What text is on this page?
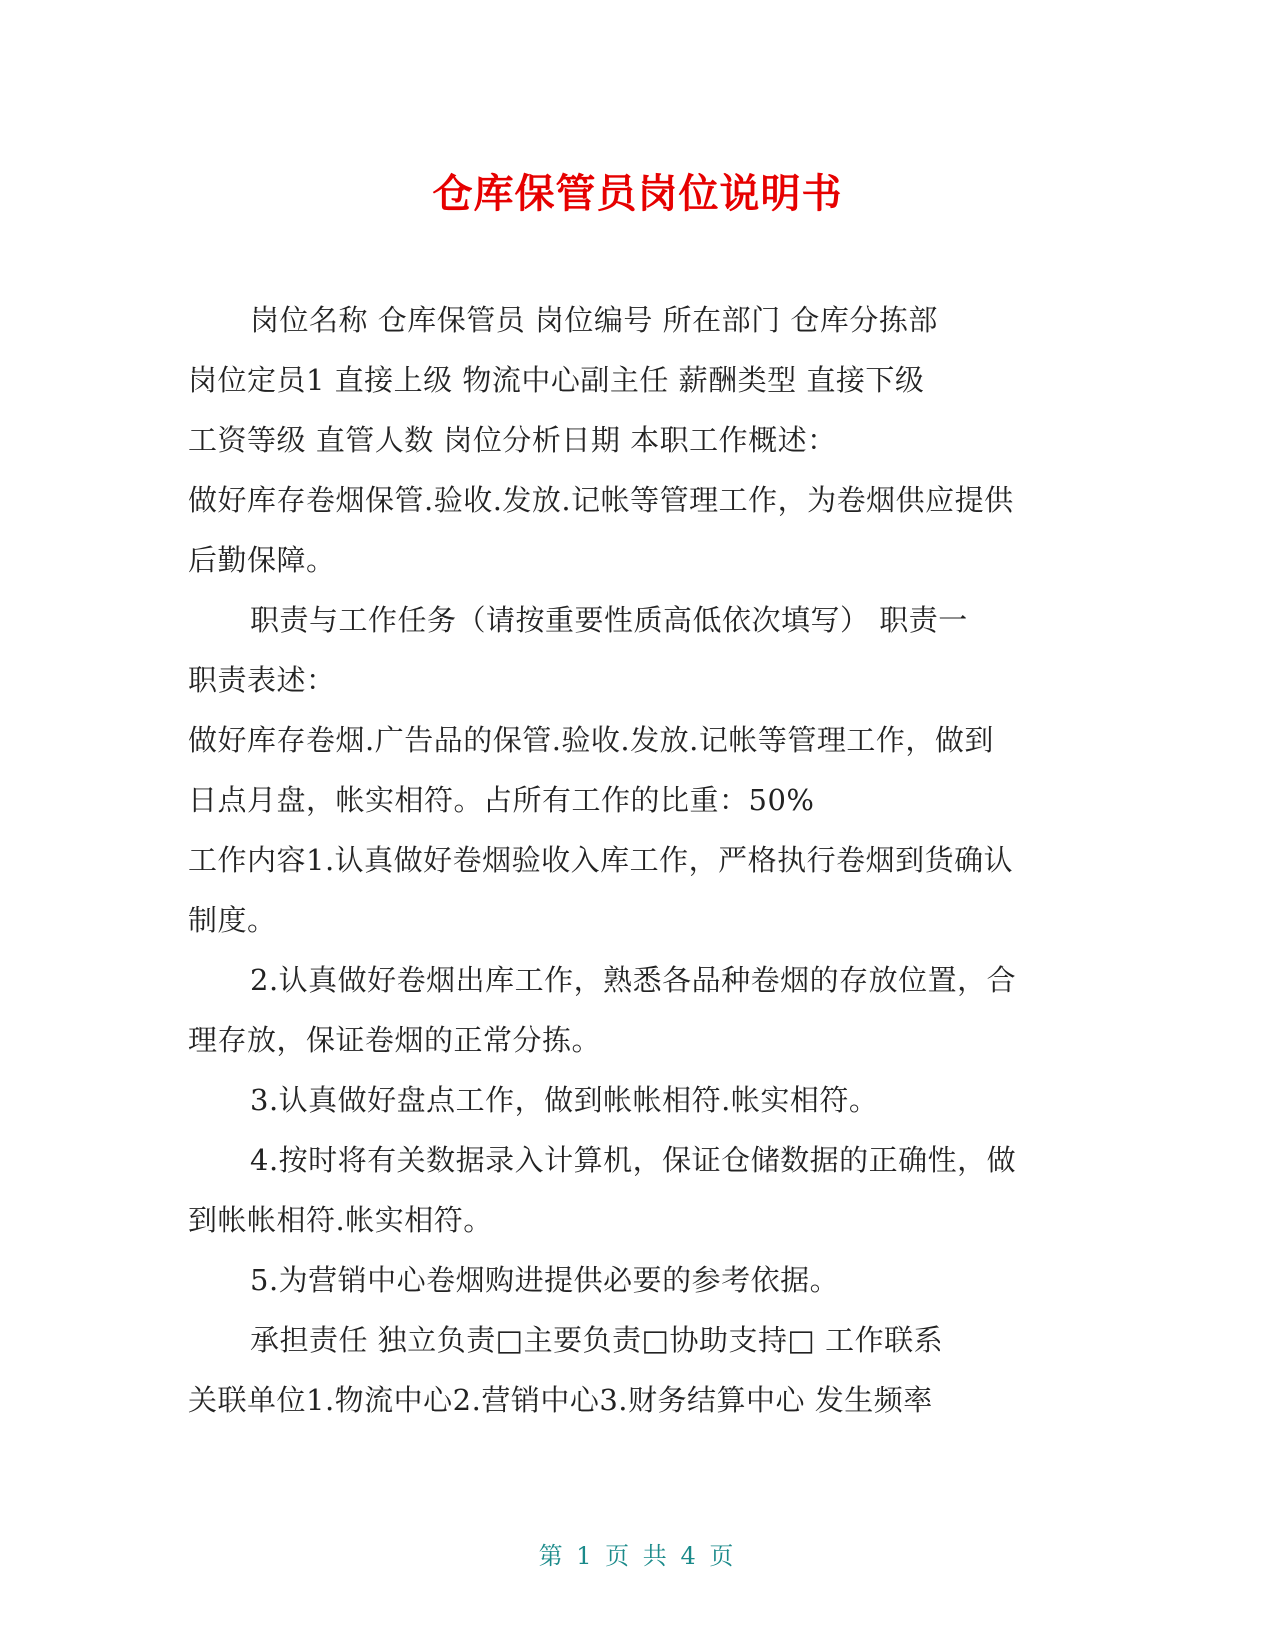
仓库保管员岗位说明书

岗位名称 仓库保管员 岗位编号 所在部门 仓库分拣部

岗位定员1 直接上级 物流中心副主任 薪酬类型 直接下级

工资等级 直管人数 岗位分析日期 本职工作概述：

做好库存卷烟保管.验收.发放.记帐等管理工作，为卷烟供应提供

后勤保障。

职责与工作任务（请按重要性质高低依次填写） 职责一

职责表述：

做好库存卷烟.广告品的保管.验收.发放.记帐等管理工作，做到

日点月盘，帐实相符。占所有工作的比重：50%

工作内容1.认真做好卷烟验收入库工作，严格执行卷烟到货确认

制度。

2.认真做好卷烟出库工作，熟悉各品种卷烟的存放位置，合

理存放，保证卷烟的正常分拣。

3.认真做好盘点工作，做到帐帐相符.帐实相符。

4.按时将有关数据录入计算机，保证仓储数据的正确性，做

到帐帐相符.帐实相符。

5.为营销中心卷烟购进提供必要的参考依据。

承担责任 独立负责□主要负责□协助支持□ 工作联系

关联单位1.物流中心2.营销中心3.财务结算中心 发生频率

第 1 页 共 4 页
